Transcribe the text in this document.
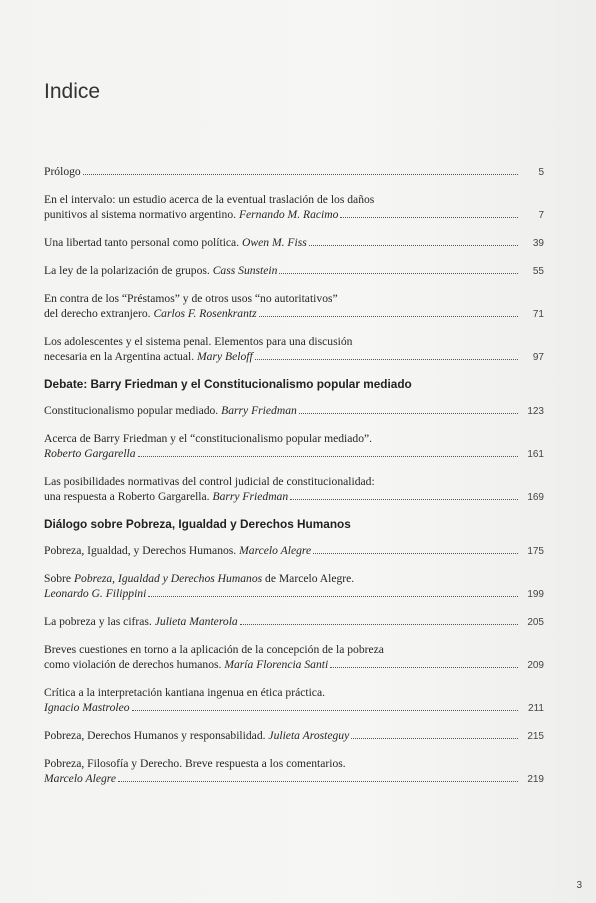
Indice
Prólogo	5
En el intervalo: un estudio acerca de la eventual traslación de los daños
punitivos al sistema normativo argentino. Fernando M. Racimo	7
Una libertad tanto personal como política. Owen M. Fiss	39
La ley de la polarización de grupos. Cass Sunstein	55
En contra de los “Préstamos” y de otros usos “no autoritativos”
del derecho extranjero. Carlos F. Rosenkrantz	71
Los adolescentes y el sistema penal. Elementos para una discusión
necesaria en la Argentina actual. Mary Beloff	97
Debate: Barry Friedman y el Constitucionalismo popular mediado
Constitucionalismo popular mediado. Barry Friedman	123
Acerca de Barry Friedman y el “constitucionalismo popular mediado”.
Roberto Gargarella	161
Las posibilidades normativas del control judicial de constitucionalidad:
una respuesta a Roberto Gargarella. Barry Friedman	169
Diálogo sobre Pobreza, Igualdad y Derechos Humanos
Pobreza, Igualdad, y Derechos Humanos. Marcelo Alegre	175
Sobre Pobreza, Igualdad y Derechos Humanos de Marcelo Alegre.
Leonardo G. Filippini	199
La pobreza y las cifras. Julieta Manterola	205
Breves cuestiones en torno a la aplicación de la concepción de la pobreza
como violación de derechos humanos. María Florencia Santi	209
Crítica a la interpretación kantiana ingenua en ética práctica.
Ignacio Mastroleo	211
Pobreza, Derechos Humanos y responsabilidad. Julieta Arosteguy	215
Pobreza, Filosofía y Derecho. Breve respuesta a los comentarios.
Marcelo Alegre	219
3
